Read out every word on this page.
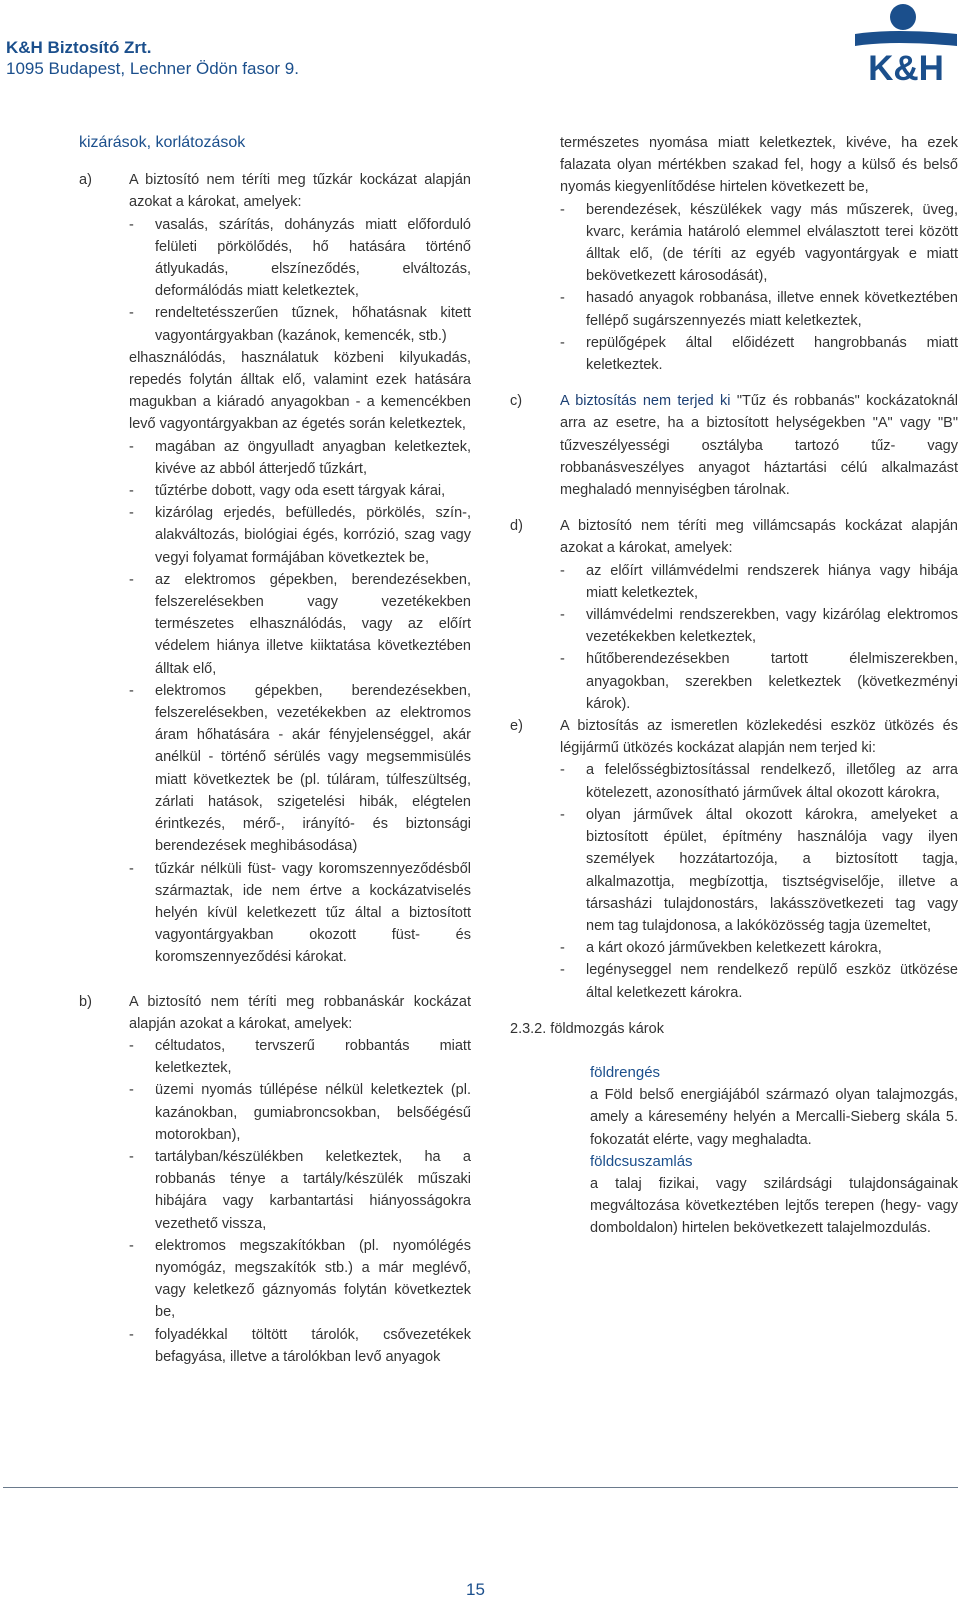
K&H Biztosító Zrt.
1095 Budapest, Lechner Ödön fasor 9.	K&H
kizárások, korlátozások
a)	A biztosító nem téríti meg tűzkár kockázat alapján azokat a károkat, amelyek:
- vasalás, szárítás, dohányzás miatt előforduló felületi pörkölődés, hő hatására történő átlyukadás, elszíneződés, elváltozás, deformálódás miatt keletkeztek,
- rendeltetésszerűen tűznek, hőhatásnak kitett vagyontárgyakban (kazánok, kemencék, stb.)
elhasználódás, használatuk közbeni kilyukadás, repedés folytán álltak elő, valamint ezek hatására magukban a kiáradó anyagokban - a kemencékben levő vagyontárgyakban az égetés során keletkeztek,
- magában az öngyulladt anyagban keletkeztek, kivéve az abból átterjedő tűzkárt,
- tűztérbe dobott, vagy oda esett tárgyak kárai,
- kizárólag erjedés, befülledés, pörkölés, szín-, alakváltozás, biológiai égés, korrózió, szag vagy vegyi folyamat formájában következtek be,
- az elektromos gépekben, berendezésekben, felszerelésekben vagy vezetékekben természetes elhasználódás, vagy az előírt védelem hiánya illetve kiiktatása következtében álltak elő,
- elektromos gépekben, berendezésekben, felszerelésekben, vezetékekben az elektromos áram hőhatására - akár fényjelenséggel, akár anélkül - történő sérülés vagy megsemmisülés miatt következtek be (pl. túláram, túlfeszültség, zárlati hatások, szigetelési hibák, elégtelen érintkezés, mérő-, irányító- és biztonsági berendezések meghibásodása)
- tűzkár nélküli füst- vagy koromszennyeződésből származtak, ide nem értve a kockázatviselés helyén kívül keletkezett tűz által a biztosított vagyontárgyakban okozott füst- és koromszennyeződési károkat.
b)	A biztosító nem téríti meg robbanáskár kockázat alapján azokat a károkat, amelyek:
- céltudatos, tervszerű robbantás miatt keletkeztek,
- üzemi nyomás túllépése nélkül keletkeztek (pl. kazánokban, gumiabroncsokban, belsőégésű motorokban),
- tartályban/készülékben keletkeztek, ha a robbanás ténye a tartály/készülék műszaki hibájára vagy karbantartási hiányosságokra vezethető vissza,
- elektromos megszakítókban (pl. nyomólégés nyomógáz, megszakítók stb.) a már meglévő, vagy keletkező gáznyomás folytán következtek be,
- folyadékkal töltött tárolók, csővezetékek befagyása, illetve a tárolókban levő anyagok
természetes nyomása miatt keletkeztek, kivéve, ha ezek falazata olyan mértékben szakad fel, hogy a külső és belső nyomás kiegyenlítődése hirtelen következett be,
- berendezések, készülékek vagy más műszerek, üveg, kvarc, kerámia határoló elemmel elválasztott terei között álltak elő, (de téríti az egyéb vagyontárgyak e miatt bekövetkezett károsodását),
- hasadó anyagok robbanása, illetve ennek következtében fellépő sugárszennyezés miatt keletkeztek,
- repülőgépek által előidézett hangrobbanás miatt keletkeztek.
c)	A biztosítás nem terjed ki "Tűz és robbanás" kockázatoknál arra az esetre, ha a biztosított helységekben "A" vagy "B" tűzveszélyességi osztályba tartozó tűz- vagy robbanásveszélyes anyagot háztartási célú alkalmazást meghaladó mennyiségben tárolnak.
d)	A biztosító nem téríti meg villámcsapás kockázat alapján azokat a károkat, amelyek:
- az előírt villámvédelmi rendszerek hiánya vagy hibája miatt keletkeztek,
- villámvédelmi rendszerekben, vagy kizárólag elektromos vezetékekben keletkeztek,
- hűtőberendezésekben tartott élelmiszerekben, anyagokban, szerekben keletkeztek (következményi károk).
e)	A biztosítás az ismeretlen közlekedési eszköz ütközés és légijármű ütközés kockázat alapján nem terjed ki:
- a felelősségbiztosítással rendelkező, illetőleg az arra kötelezett, azonosítható járművek által okozott károkra,
- olyan járművek által okozott károkra, amelyeket a biztosított épület, építmény használója vagy ilyen személyek hozzátartozója, a biztosított tagja, alkalmazottja, megbízottja, tisztségviselője, illetve a társasházi tulajdonostárs, lakásszövetkezeti tag vagy nem tag tulajdonosa, a lakóközösség tagja üzemeltet,
- a kárt okozó járművekben keletkezett károkra,
- legényseggel nem rendelkező repülő eszköz ütközése által keletkezett károkra.
2.3.2. földmozgás károk
földrengés
a Föld belső energiájából származó olyan talajmozgás, amely a káresemény helyén a Mercalli-Sieberg skála 5. fokozatát elérte, vagy meghaladta.
földcsuszamlás
a talaj fizikai, vagy szilárdsági tulajdonságainak megváltozása következtében lejtős terepen (hegy- vagy domboldalon) hirtelen bekövetkezett talajelmozdulás.
15
